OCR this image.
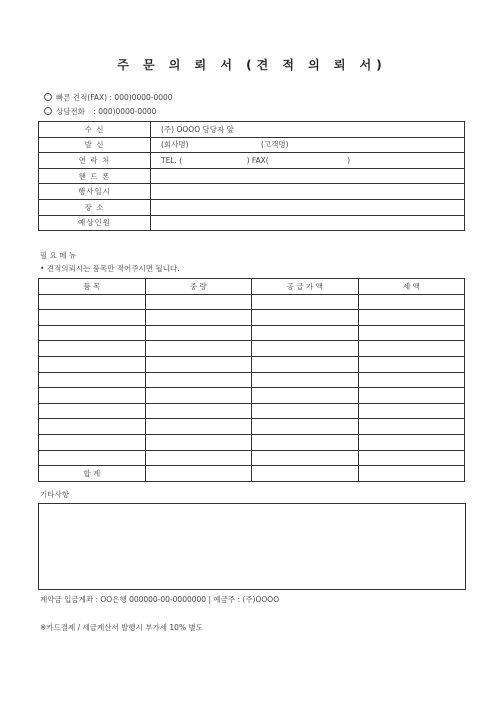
주 문 의 뢰 서 (견 적 의 뢰 서)
빠른 견적(FAX) : 000)0000-0000
상담전화 : 000)0000-0000
수 신	(주) OOOO 담당자 앞
발 신	(회사명) (고객명)
연 락 처	TEL. ( ) FAX( )
핸 드 폰	
행사일시	
장 소	
예상인원	
필 요 메 뉴
• 견적의뢰시는 품목만 적어주시면 됩니다.
품 목	중 량	공 급 가 액	세 액

합 계			
기타사항
계약금 입금계좌 : OO은행 000000-00-0000000 | 예금주 : (주)OOOO
※카드결제 / 세금계산서 발행시 부가세 10% 별도
